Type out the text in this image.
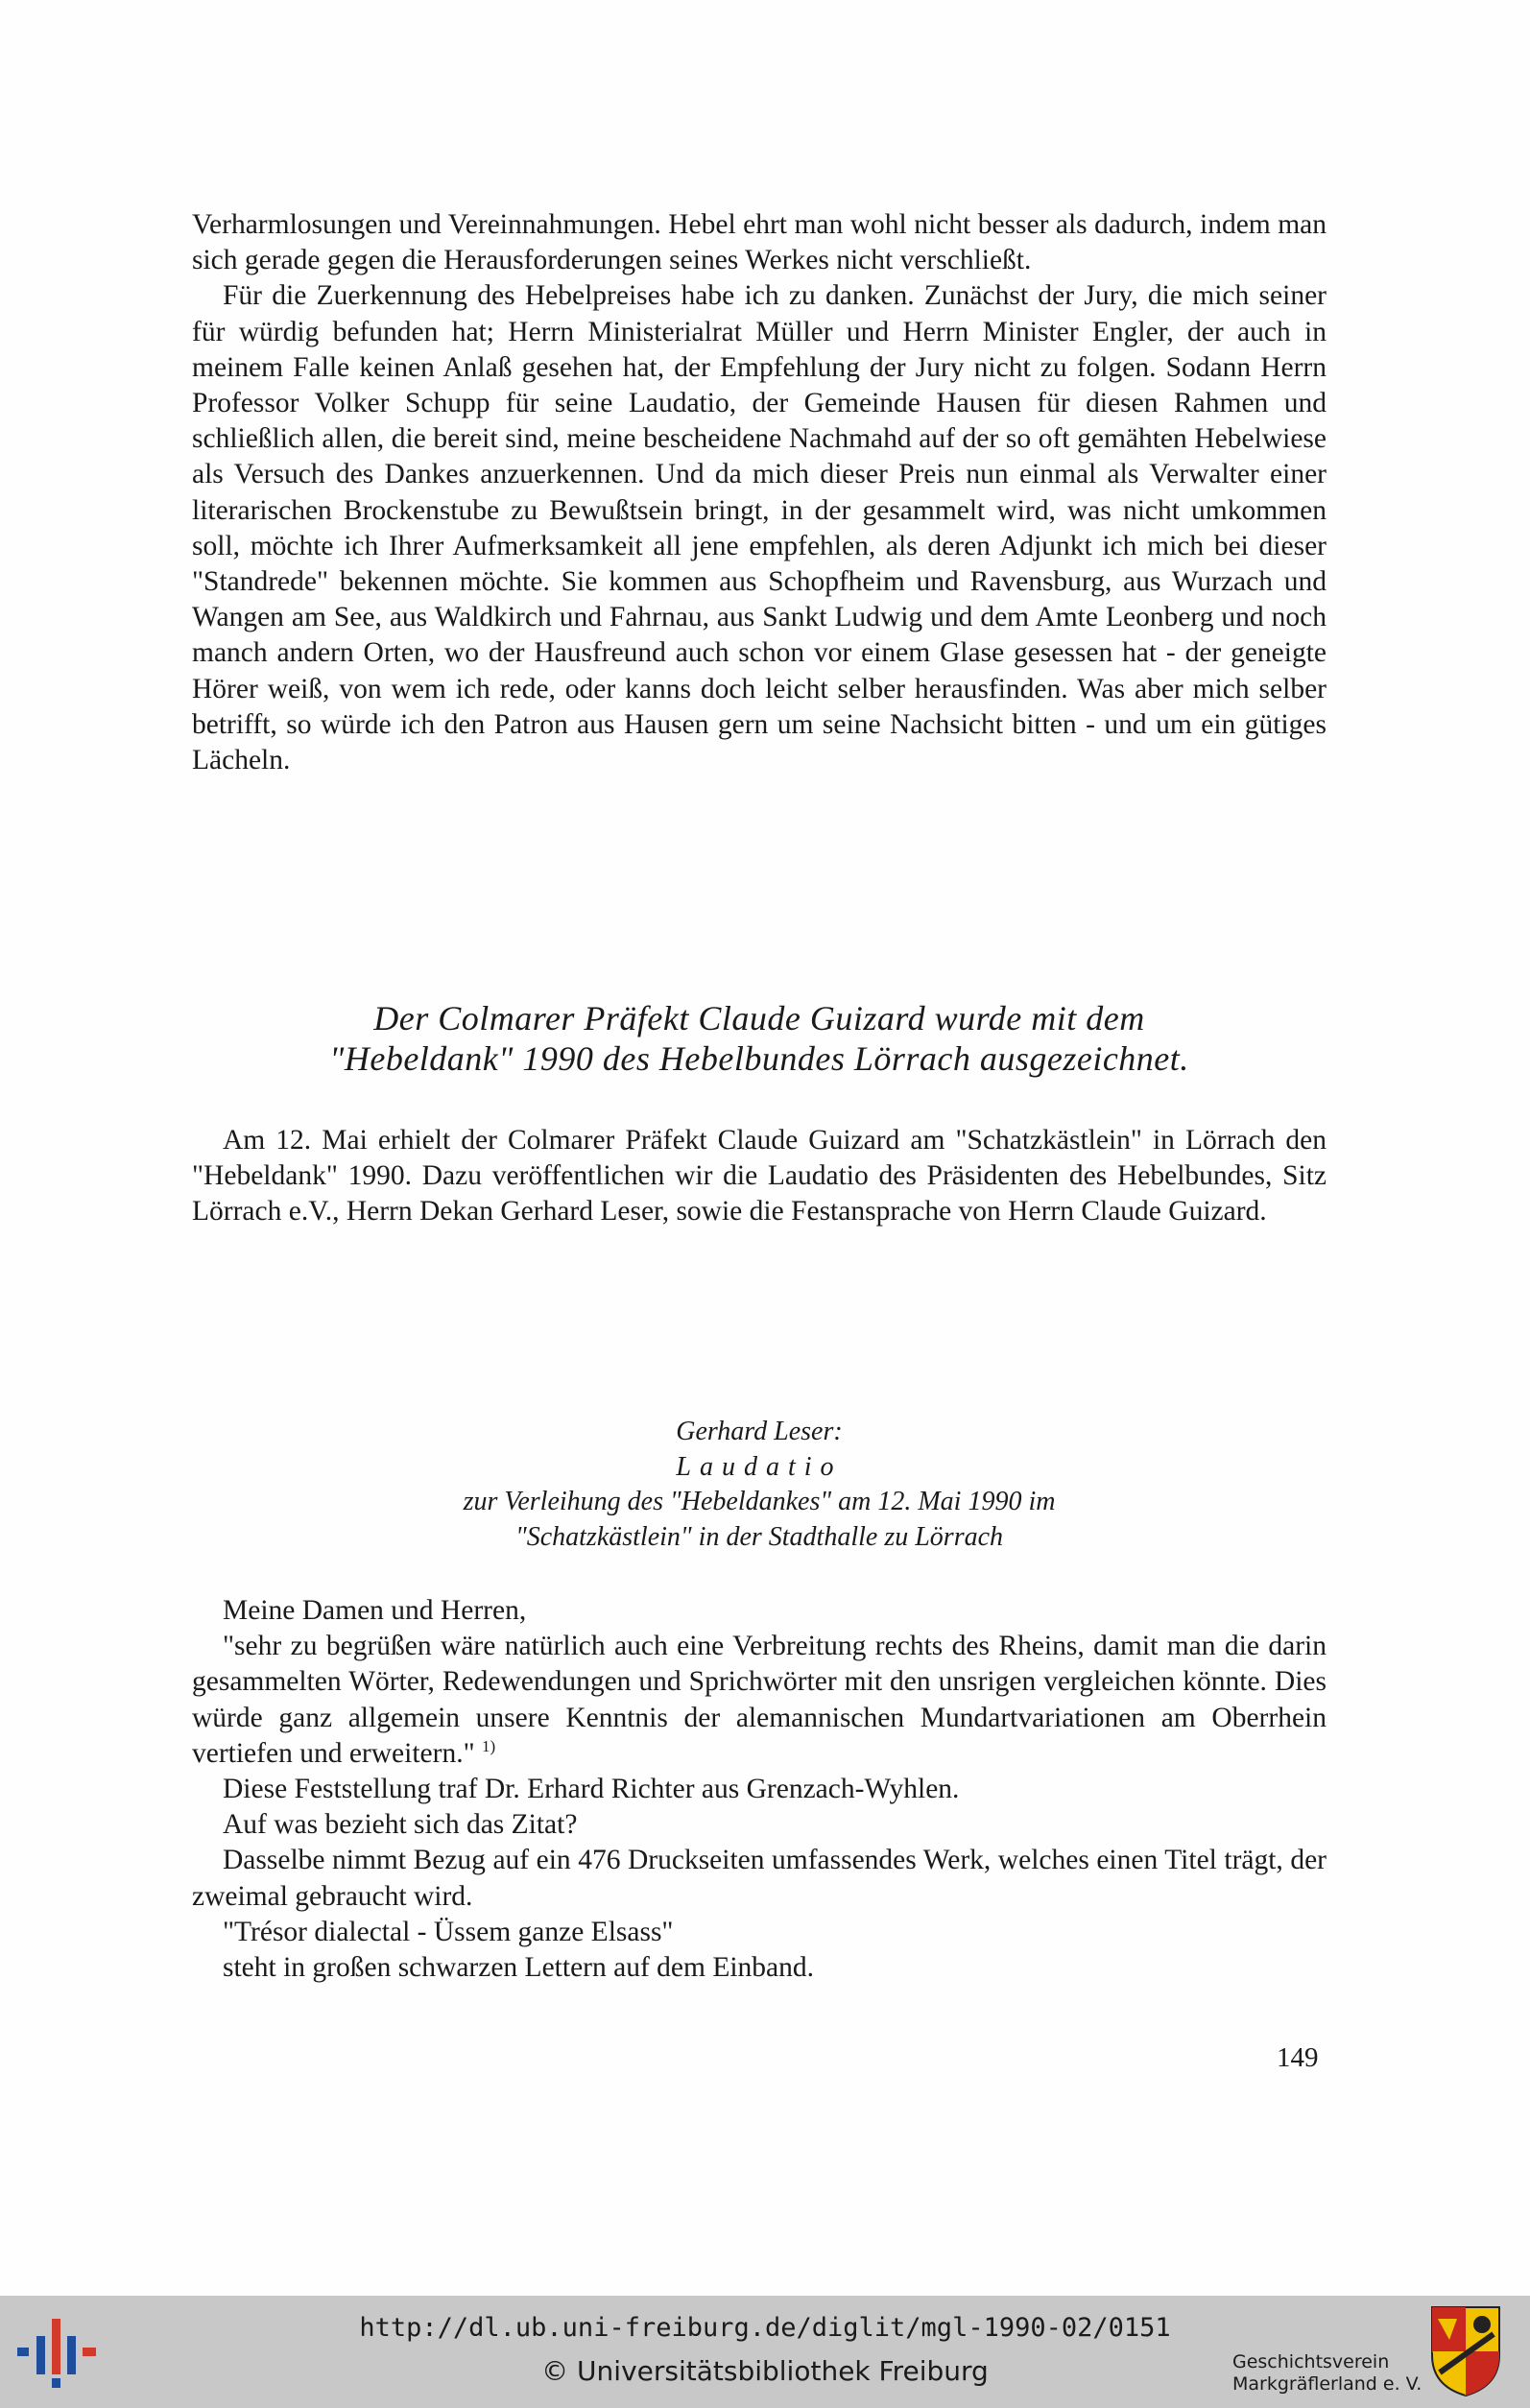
Verharmlosungen und Vereinnahmungen. Hebel ehrt man wohl nicht besser als dadurch, indem man sich gerade gegen die Herausforderungen seines Werkes nicht verschließt.

Für die Zuerkennung des Hebelpreises habe ich zu danken. Zunächst der Jury, die mich seiner für würdig befunden hat; Herrn Ministerialrat Müller und Herrn Minister Engler, der auch in meinem Falle keinen Anlaß gesehen hat, der Empfehlung der Jury nicht zu folgen. Sodann Herrn Professor Volker Schupp für seine Laudatio, der Gemeinde Hausen für diesen Rahmen und schließlich allen, die bereit sind, meine bescheidene Nachmahd auf der so oft gemähten Hebelwiese als Versuch des Dankes anzuerkennen. Und da mich dieser Preis nun einmal als Verwalter einer literarischen Brockenstube zu Bewußtsein bringt, in der gesammelt wird, was nicht umkommen soll, möchte ich Ihrer Aufmerksamkeit all jene empfehlen, als deren Adjunkt ich mich bei dieser "Standrede" bekennen möchte. Sie kommen aus Schopfheim und Ravensburg, aus Wurzach und Wangen am See, aus Waldkirch und Fahrnau, aus Sankt Ludwig und dem Amte Leonberg und noch manch andern Orten, wo der Hausfreund auch schon vor einem Glase gesessen hat - der geneigte Hörer weiß, von wem ich rede, oder kanns doch leicht selber herausfinden. Was aber mich selber betrifft, so würde ich den Patron aus Hausen gern um seine Nachsicht bitten - und um ein gütiges Lächeln.

Der Colmarer Präfekt Claude Guizard wurde mit dem
"Hebeldank" 1990 des Hebelbundes Lörrach ausgezeichnet.

Am 12. Mai erhielt der Colmarer Präfekt Claude Guizard am "Schatzkästlein" in Lörrach den "Hebeldank" 1990. Dazu veröffentlichen wir die Laudatio des Präsidenten des Hebelbundes, Sitz Lörrach e.V., Herrn Dekan Gerhard Leser, sowie die Festansprache von Herrn Claude Guizard.

Gerhard Leser:
Laudatio
zur Verleihung des "Hebeldankes" am 12. Mai 1990 im
"Schatzkästlein" in der Stadthalle zu Lörrach

Meine Damen und Herren,

"sehr zu begrüßen wäre natürlich auch eine Verbreitung rechts des Rheins, damit man die darin gesammelten Wörter, Redewendungen und Sprichwörter mit den unsrigen vergleichen könnte. Dies würde ganz allgemein unsere Kenntnis der alemannischen Mundartvariationen am Oberrhein vertiefen und erweitern." $^{1)}$

Diese Feststellung traf Dr. Erhard Richter aus Grenzach-Wyhlen.

Auf was bezieht sich das Zitat?

Dasselbe nimmt Bezug auf ein 476 Druckseiten umfassendes Werk, welches einen Titel trägt, der zweimal gebraucht wird.

"Trésor dialectal - Üssem ganze Elsass"

steht in großen schwarzen Lettern auf dem Einband.

149
http://dl.ub.uni-freiburg.de/diglit/mgl-1990-02/0151
© Universitätsbibliothek Freiburg	Geschichtsverein
Markgräflerland e. V.
